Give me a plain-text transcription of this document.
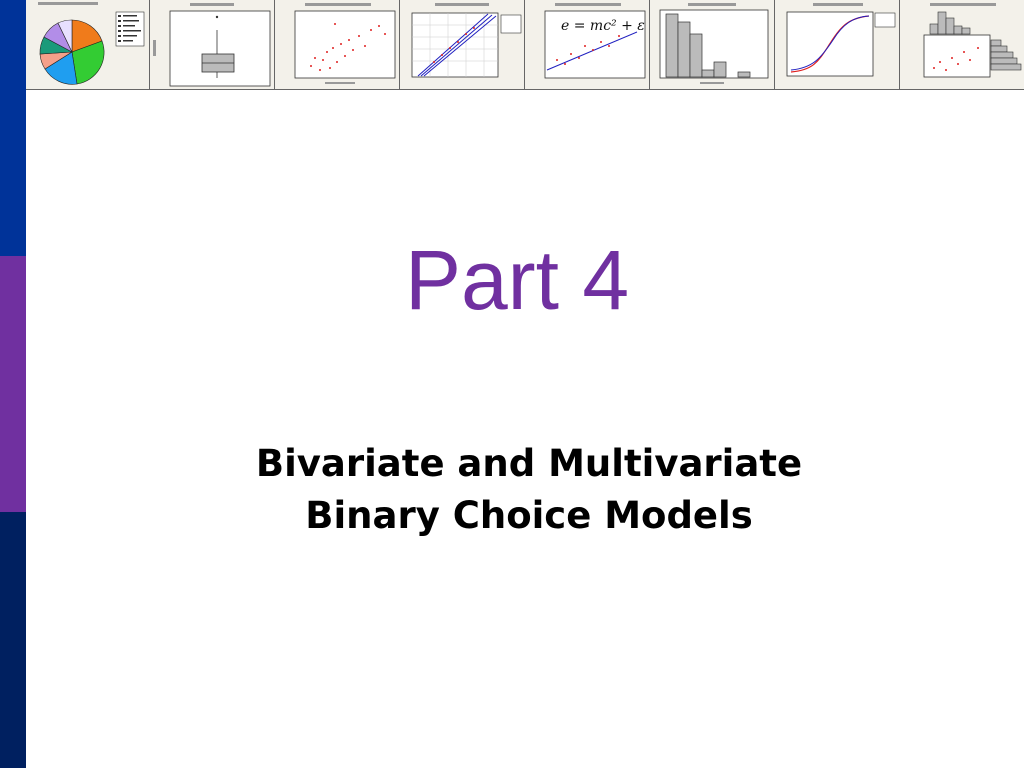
e = mc² + ε
Part 4
Bivariate and Multivariate
Binary Choice Models
